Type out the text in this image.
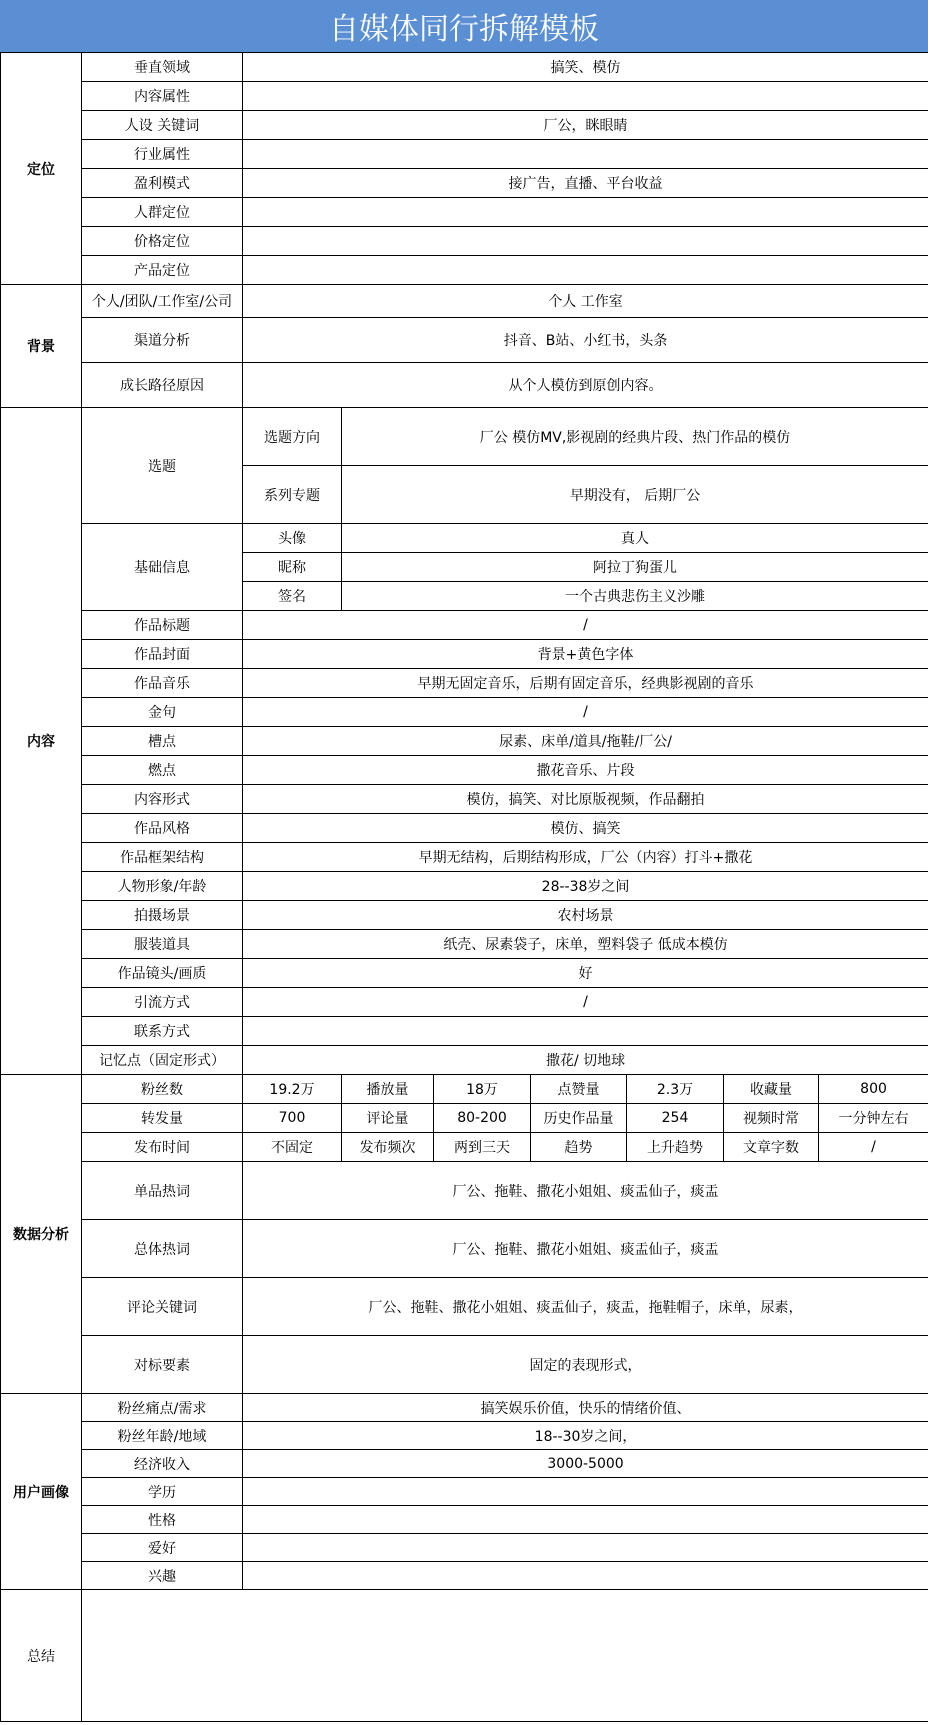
自媒体同行拆解模板
定位	垂直领域	搞笑、模仿						
	内容属性							
	人设 关键词	厂公，眯眼睛						
	行业属性							
	盈利模式	接广告，直播、平台收益						
	人群定位							
	价格定位							
	产品定位							
背景	个人/团队/工作室/公司	个人 工作室						
	渠道分析	抖音、B站、小红书，头条						
	成长路径原因	从个人模仿到原创内容。						
内容	选题	选题方向	厂公 模仿MV,影视剧的经典片段、热门作品的模仿					
		系列专题	早期没有， 后期厂公					
	基础信息	头像	真人					
		昵称	阿拉丁狗蛋儿					
		签名	一个古典悲伤主义沙雕					
	作品标题	/						
	作品封面	背景+黄色字体						
	作品音乐	早期无固定音乐，后期有固定音乐，经典影视剧的音乐						
	金句	/						
	槽点	尿素、床单/道具/拖鞋/厂公/						
	燃点	撒花音乐、片段						
	内容形式	模仿，搞笑、对比原版视频，作品翻拍						
	作品风格	模仿、搞笑						
	作品框架结构	早期无结构，后期结构形成，厂公（内容）打斗+撒花						
	人物形象/年龄	28--38岁之间						
	拍摄场景	农村场景						
	服装道具	纸壳、尿素袋子，床单，塑料袋子 低成本模仿						
	作品镜头/画质	好						
	引流方式	/						
	联系方式							
	记忆点（固定形式）	撒花/ 切地球						
数据分析	粉丝数	19.2万	播放量	18万	点赞量	2.3万	收藏量	800
	转发量	700	评论量	80-200	历史作品量	254	视频时常	一分钟左右
	发布时间	不固定	发布频次	两到三天	趋势	上升趋势	文章字数	/
	单品热词	厂公、拖鞋、撒花小姐姐、痰盂仙子，痰盂						
	总体热词	厂公、拖鞋、撒花小姐姐、痰盂仙子，痰盂						
	评论关键词	厂公、拖鞋、撒花小姐姐、痰盂仙子，痰盂，拖鞋帽子，床单，尿素，						
	对标要素	固定的表现形式，						
用户画像	粉丝痛点/需求	搞笑娱乐价值，快乐的情绪价值、						
	粉丝年龄/地域	18--30岁之间，						
	经济收入	3000-5000						
	学历							
	性格							
	爱好							
	兴趣							
总结								
